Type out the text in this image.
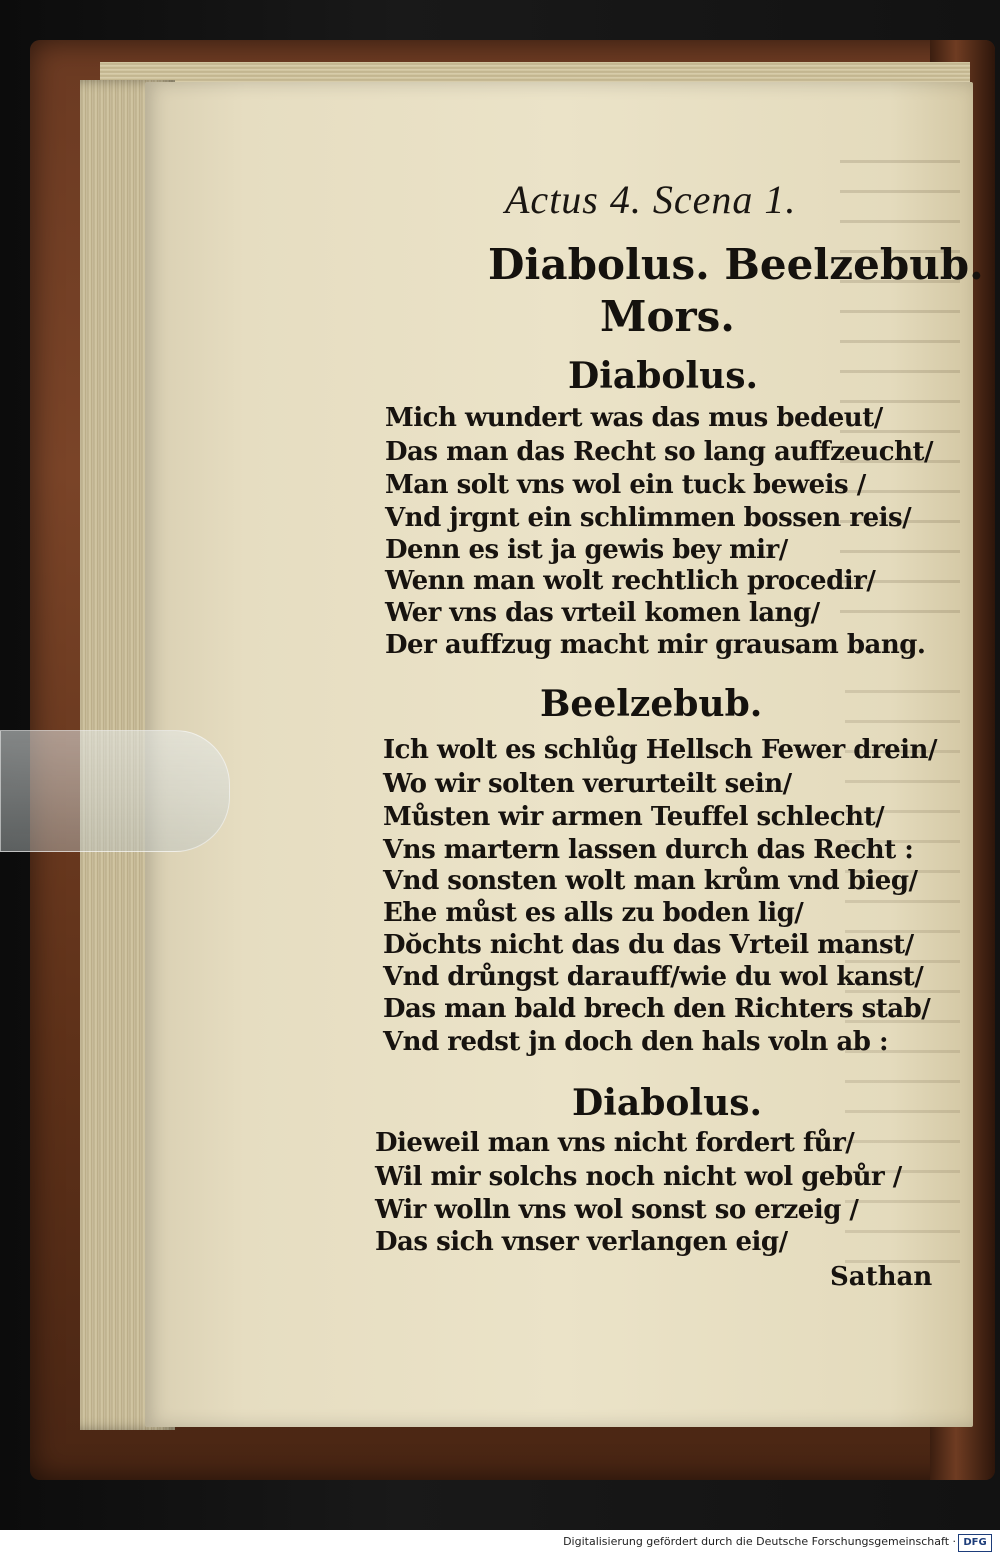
Actus 4. Scena 1.
Diabolus. Beelzebub.
Mors.
Diabolus.
Mich wundert was das mus bedeut/
Das man das Recht so lang auffzeucht/
Man solt vns wol ein tuck beweis /
Vnd jrgnt ein schlimmen bossen reis/
Denn es ist ja gewis bey mir/
Wenn man wolt rechtlich procedir/
Wer vns das vrteil komen lang/
Der auffzug macht mir grausam bang.
Beelzebub.
Ich wolt es schlůg Hellsch Fewer drein/
Wo wir solten verurteilt sein/
Můsten wir armen Teuffel schlecht/
Vns martern lassen durch das Recht :
Vnd sonsten wolt man krům vnd bieg/
Ehe můst es alls zu boden lig/
Dŏchts nicht das du das Vrteil manst/
Vnd drůngst darauff/wie du wol kanst/
Das man bald brech den Richters stab/
Vnd redst jn doch den hals voln ab :
Diabolus.
Dieweil man vns nicht fordert fůr/
Wil mir solchs noch nicht wol gebůr /
Wir wolln vns wol sonst so erzeig /
Das sich vnser verlangen eig/
Sathan
Digitalisierung gefördert durch die Deutsche Forschungsgemeinschaft · DFG
